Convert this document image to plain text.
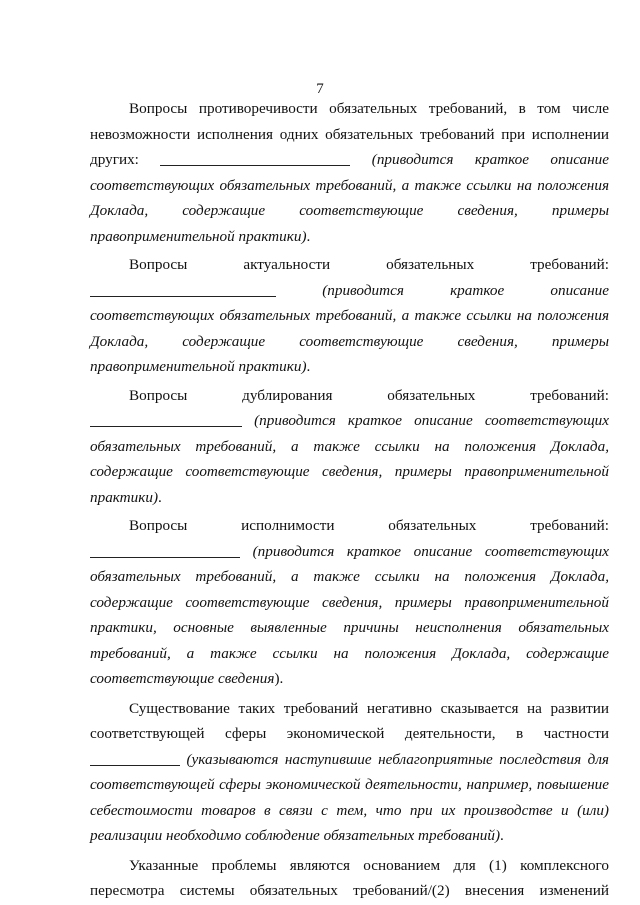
7

Вопросы противоречивости обязательных требований, в том числе невозможности исполнения одних обязательных требований при исполнении других:	(приводится краткое описание соответствующих обязательных требований, а также ссылки на положения Доклада, содержащие соответствующие сведения, примеры правоприменительной практики).

Вопросы актуальности обязательных требований:  (приводится краткое описание соответствующих обязательных требований, а также ссылки на положения Доклада, содержащие соответствующие сведения, примеры правоприменительной практики).

Вопросы дублирования обязательных требований:  (приводится краткое описание соответствующих обязательных требований, а также ссылки на положения Доклада, содержащие соответствующие сведения, примеры правоприменительной практики).

Вопросы исполнимости обязательных требований:  (приводится краткое описание соответствующих обязательных требований, а также ссылки на положения Доклада, содержащие соответствующие сведения, примеры правоприменительной практики, основные выявленные причины неисполнения обязательных требований, а также ссылки на положения Доклада, содержащие соответствующие сведения).

Существование таких требований негативно сказывается на развитии соответствующей сферы экономической деятельности, в частности  (указываются наступившие неблагоприятные последствия для соответствующей сферы экономической деятельности, например, повышение себестоимости товаров в связи с тем, что при их производстве и (или) реализации необходимо соблюдение обязательных требований).

Указанные проблемы являются основанием для (1) комплексного пересмотра системы обязательных требований/(2) внесения изменений
